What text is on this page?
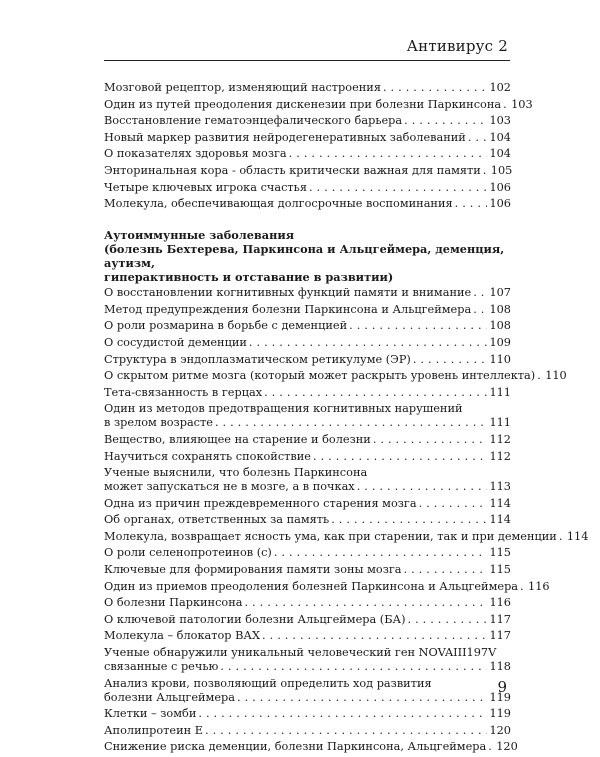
Антивирус 2
Мозговой рецептор, изменяющий настроения . . .	102
Один из путей преодоления дискенезии при болезни Паркинсона . . . 103
Восстановление гематоэнцефалического барьера . . .	103
Новый маркер развития нейродегенеративных заболеваний . . . 104
О показателях здоровья мозга . . .	104
Энторинальная кора - область критически важная для памяти . . . 105
Четыре ключевых игрока счастья . . .	106
Молекула, обеспечивающая долгосрочные воспоминания . . .	106
Аутоиммунные заболевания
(болезнь Бехтерева, Паркинсона и Альцгеймера, деменция, аутизм,
гиперактивность и отставание в развитии)
О восстановлении когнитивных функций памяти и внимание . . . 107
Метод предупреждения болезни Паркинсона и Альцгеймера . . . 108
О роли розмарина в борьбе с деменцией . . .	108
О сосудистой деменции . . .	109
Структура в эндоплазматическом ретикулуме (ЭР) . . .	110
О скрытом ритме мозга (который может раскрыть уровень интеллекта) . . . 110
Тета-связанность в герцах . . .	111
Один из методов предотвращения когнитивных нарушений
в зрелом возрасте . . .	111
Вещество, влияющее на старение и болезни . . .	112
Научиться сохранять спокойствие . . .	112
Ученые выяснили, что болезнь Паркинсона
может запускаться не в мозге, а в почках . . .	113
Одна из причин преждевременного старения мозга . . .	114
Об органах, ответственных за память . . .	114
Молекула, возвращает ясность ума, как при старении, так и при деменции . . . 114
О роли селенопротеинов (с) . . .	115
Ключевые для формирования памяти зоны мозга . . .	115
Один из приемов преодоления болезней Паркинсона и Альцгеймера . . . 116
О болезни Паркинсона . . .	116
О ключевой патологии болезни Альцгеймера (БА) . . .	117
Молекула – блокатор ВАХ . . .	117
Ученые обнаружили уникальный человеческий ген NOVAIII197V
связанные с речью . . .	118
Анализ крови, позволяющий определить ход развития
болезни Альцгеймера . . .	119
Клетки – зомби . . .	119
Аполипротеин Е . . .	120
Снижение риска деменции, болезни Паркинсона, Альцгеймера . . . 120
9
